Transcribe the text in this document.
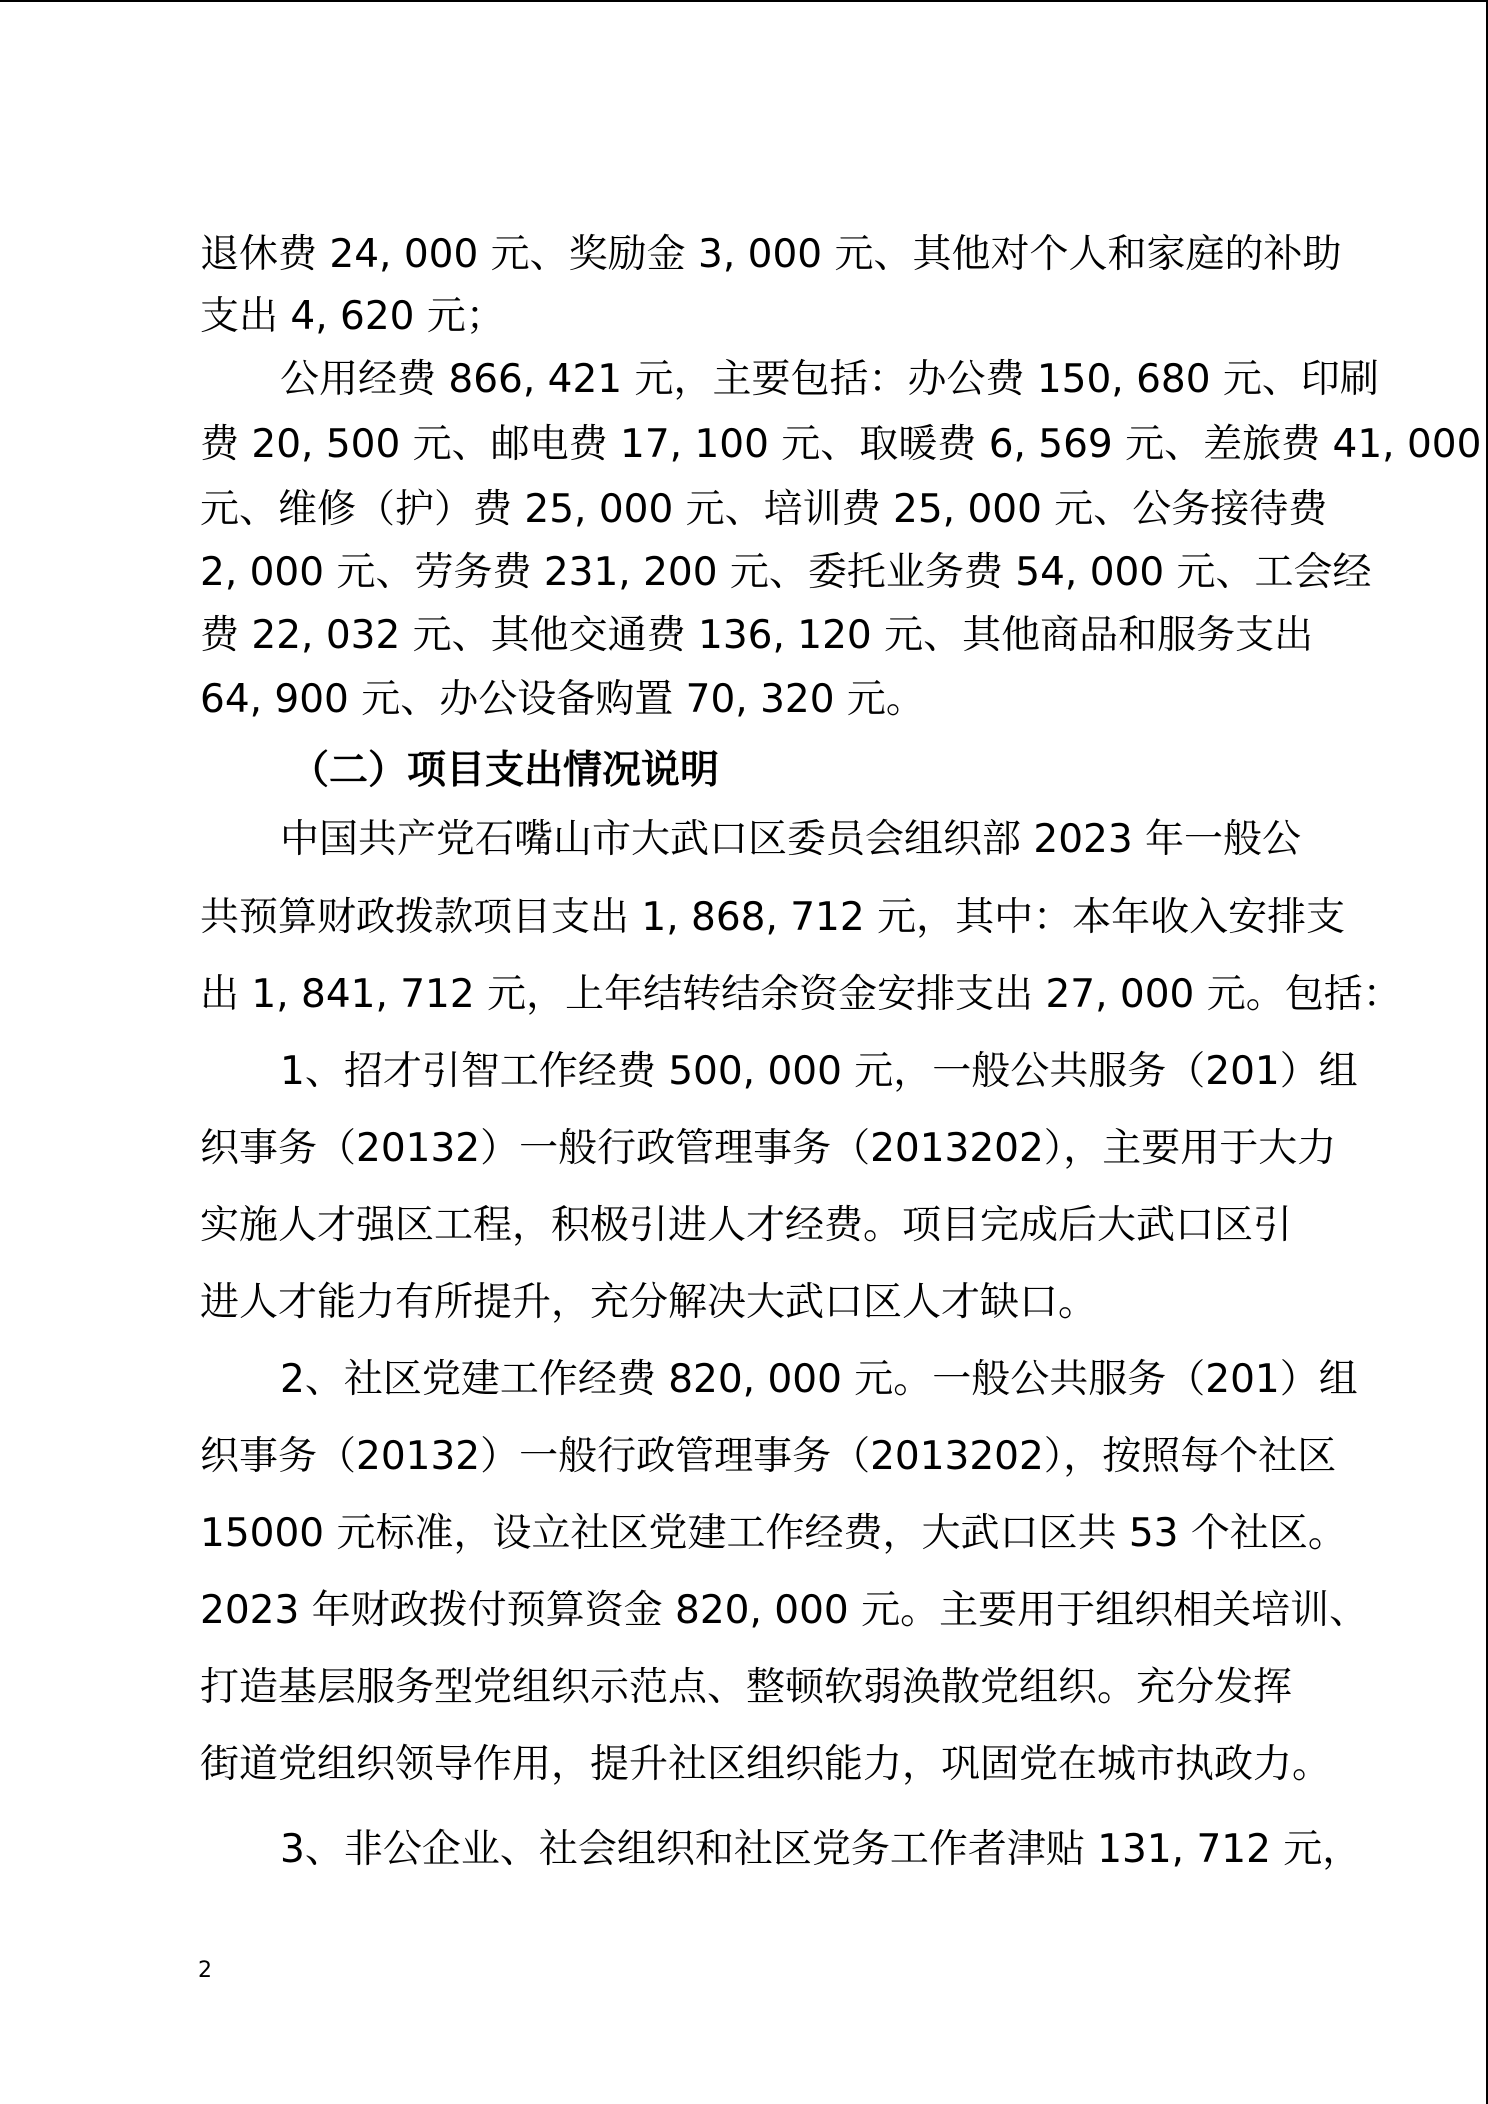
退休费 24, 000 元、奖励金 3, 000 元、其他对个人和家庭的补助

支出 4, 620 元；

公用经费 866, 421 元，主要包括：办公费 150, 680 元、印刷

费 20, 500 元、邮电费 17, 100 元、取暖费 6, 569 元、差旅费 41, 000

元、维修（护）费 25, 000 元、培训费 25, 000 元、公务接待费

2, 000 元、劳务费 231, 200 元、委托业务费 54, 000 元、工会经

费 22, 032 元、其他交通费 136, 120 元、其他商品和服务支出

64, 900 元、办公设备购置 70, 320 元。

（二）项目支出情况说明

中国共产党石嘴山市大武口区委员会组织部 2023 年一般公

共预算财政拨款项目支出 1, 868, 712 元，其中：本年收入安排支

出 1, 841, 712 元，上年结转结余资金安排支出 27, 000 元。包括：

1、招才引智工作经费 500, 000 元，一般公共服务（201）组

织事务（20132）一般行政管理事务（2013202），主要用于大力

实施人才强区工程，积极引进人才经费。项目完成后大武口区引

进人才能力有所提升，充分解决大武口区人才缺口。

2、社区党建工作经费 820, 000 元。一般公共服务（201）组

织事务（20132）一般行政管理事务（2013202），按照每个社区

15000 元标准，设立社区党建工作经费，大武口区共 53 个社区。

2023 年财政拨付预算资金 820, 000 元。主要用于组织相关培训、

打造基层服务型党组织示范点、整顿软弱涣散党组织。充分发挥

街道党组织领导作用，提升社区组织能力，巩固党在城市执政力。

3、非公企业、社会组织和社区党务工作者津贴 131, 712 元，

2
